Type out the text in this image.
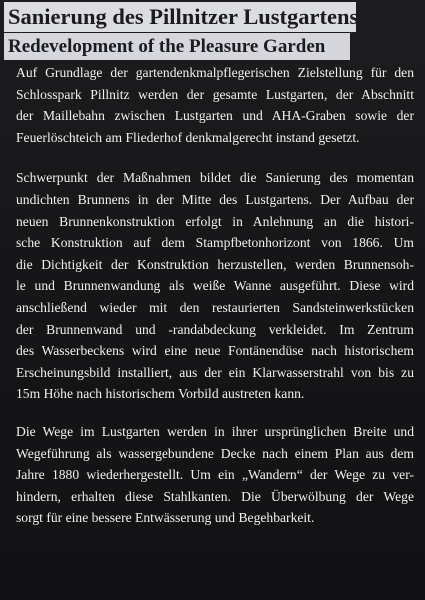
Sanierung des Pillnitzer Lustgartens
Redevelopment of the Pleasure Garden

Auf Grundlage der gartendenkmalpflegerischen Zielstellung für den

Schlosspark Pillnitz werden der gesamte Lustgarten, der Abschnitt

der Maillebahn zwischen Lustgarten und AHA-Graben sowie der

Feuerlöschteich am Fliederhof denkmalgerecht instand gesetzt.

Schwerpunkt der Maßnahmen bildet die Sanierung des momentan

undichten Brunnens in der Mitte des Lustgartens. Der Aufbau der

neuen Brunnenkonstruktion erfolgt in Anlehnung an die histori-

sche Konstruktion auf dem Stampfbetonhorizont von 1866. Um

die Dichtigkeit der Konstruktion herzustellen, werden Brunnensoh-

le und Brunnenwandung als weiße Wanne ausgeführt. Diese wird

anschließend wieder mit den restaurierten Sandsteinwerkstücken

der Brunnenwand und -randabdeckung verkleidet. Im Zentrum

des Wasserbeckens wird eine neue Fontänendüse nach historischem

Erscheinungsbild installiert, aus der ein Klarwasserstrahl von bis zu

15m Höhe nach historischem Vorbild austreten kann.

Die Wege im Lustgarten werden in ihrer ursprünglichen Breite und

Wegeführung als wassergebundene Decke nach einem Plan aus dem

Jahre 1880 wiederhergestellt. Um ein „Wandern“ der Wege zu ver-

hindern, erhalten diese Stahlkanten. Die Überwölbung der Wege

sorgt für eine bessere Entwässerung und Begehbarkeit.
